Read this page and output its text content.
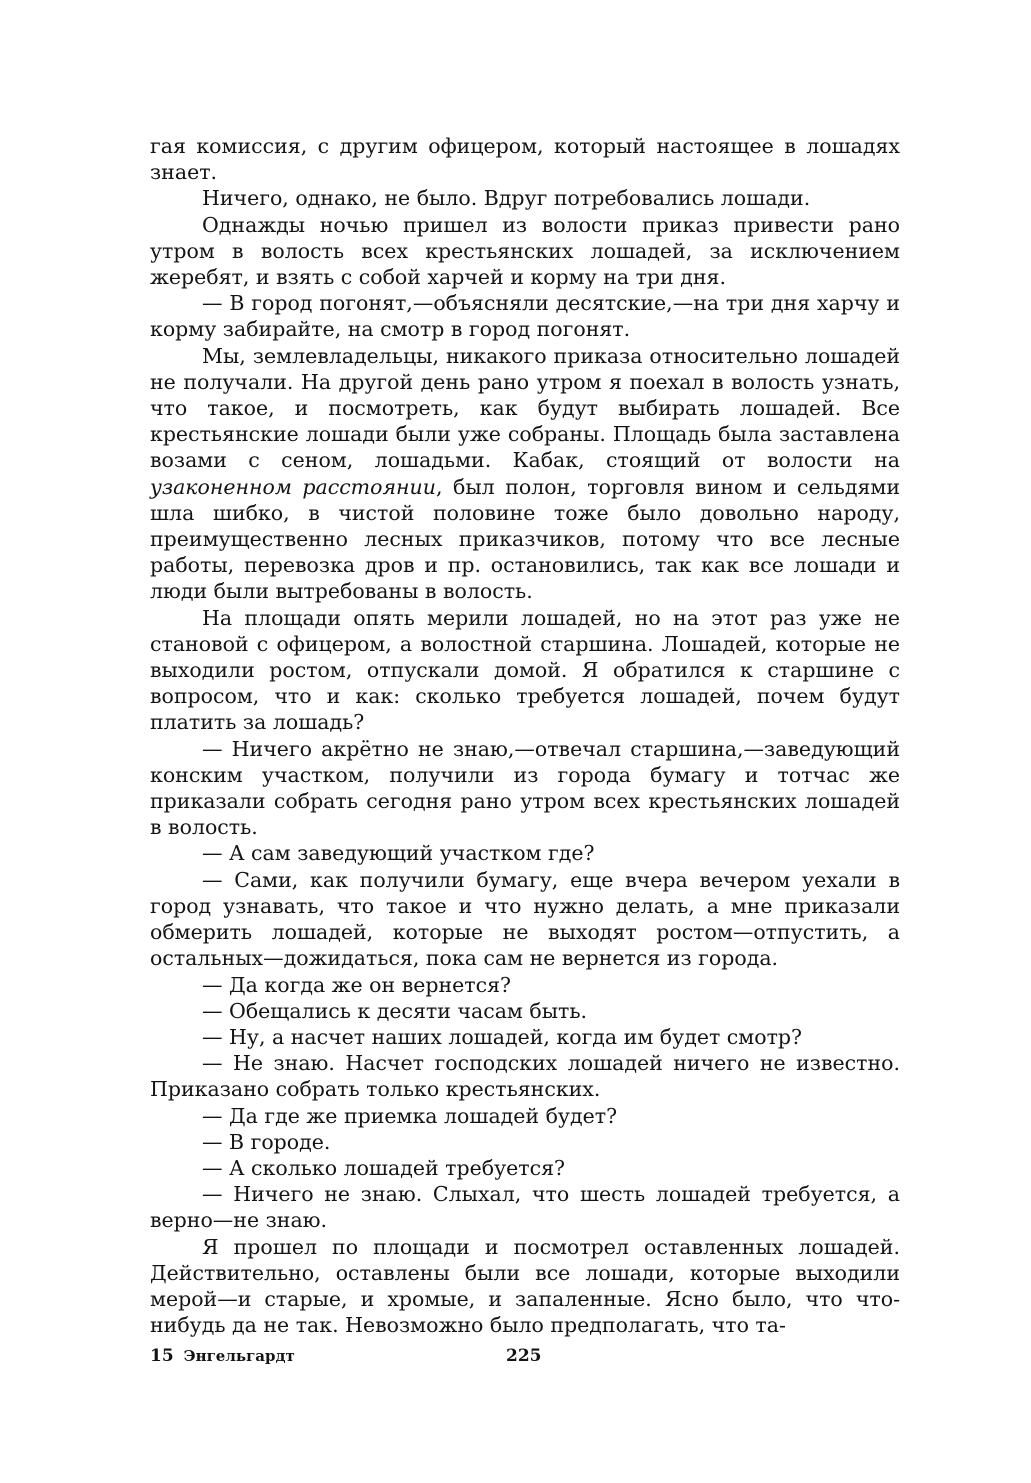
гая комиссия, с другим офицером, который настоящее в лошадях знает.

Ничего, однако, не было. Вдруг потребовались лошади.

Однажды ночью пришел из волости приказ привести рано утром в волость всех крестьянских лошадей, за исключением жеребят, и взять с собой харчей и корму на три дня.

— В город погонят,—объясняли десятские,—на три дня харчу и корму забирайте, на смотр в город погонят.

Мы, землевладельцы, никакого приказа относительно лошадей не получали. На другой день рано утром я поехал в волость узнать, что такое, и посмотреть, как будут выбирать лошадей. Все крестьянские лошади были уже собраны. Площадь была заставлена возами с сеном, лошадьми. Кабак, стоящий от волости на узаконенном расстоянии, был полон, торговля вином и сельдями шла шибко, в чистой половине тоже было довольно народу, преимущественно лесных приказчиков, потому что все лесные работы, перевозка дров и пр. остановились, так как все лошади и люди были вытребованы в волость.

На площади опять мерили лошадей, но на этот раз уже не становой с офицером, а волостной старшина. Лошадей, которые не выходили ростом, отпускали домой. Я обратился к старшине с вопросом, что и как: сколько требуется лошадей, почем будут платить за лошадь?

— Ничего акрётно не знаю,—отвечал старшина,—заведующий конским участком, получили из города бумагу и тотчас же приказали собрать сегодня рано утром всех крестьянских лошадей в волость.

— А сам заведующий участком где?

— Сами, как получили бумагу, еще вчера вечером уехали в город узнавать, что такое и что нужно делать, а мне приказали обмерить лошадей, которые не выходят ростом—отпустить, а остальных—дожидаться, пока сам не вернется из города.

— Да когда же он вернется?

— Обещались к десяти часам быть.

— Ну, а насчет наших лошадей, когда им будет смотр?

— Не знаю. Насчет господских лошадей ничего не известно. Приказано собрать только крестьянских.

— Да где же приемка лошадей будет?

— В городе.

— А сколько лошадей требуется?

— Ничего не знаю. Слыхал, что шесть лошадей требуется, а верно—не знаю.

Я прошел по площади и посмотрел оставленных лошадей. Действительно, оставлены были все лошади, которые выходили мерой—и старые, и хромые, и запаленные. Ясно было, что что-нибудь да не так. Невозможно было предполагать, что та-

15 Энгельгардт	225
